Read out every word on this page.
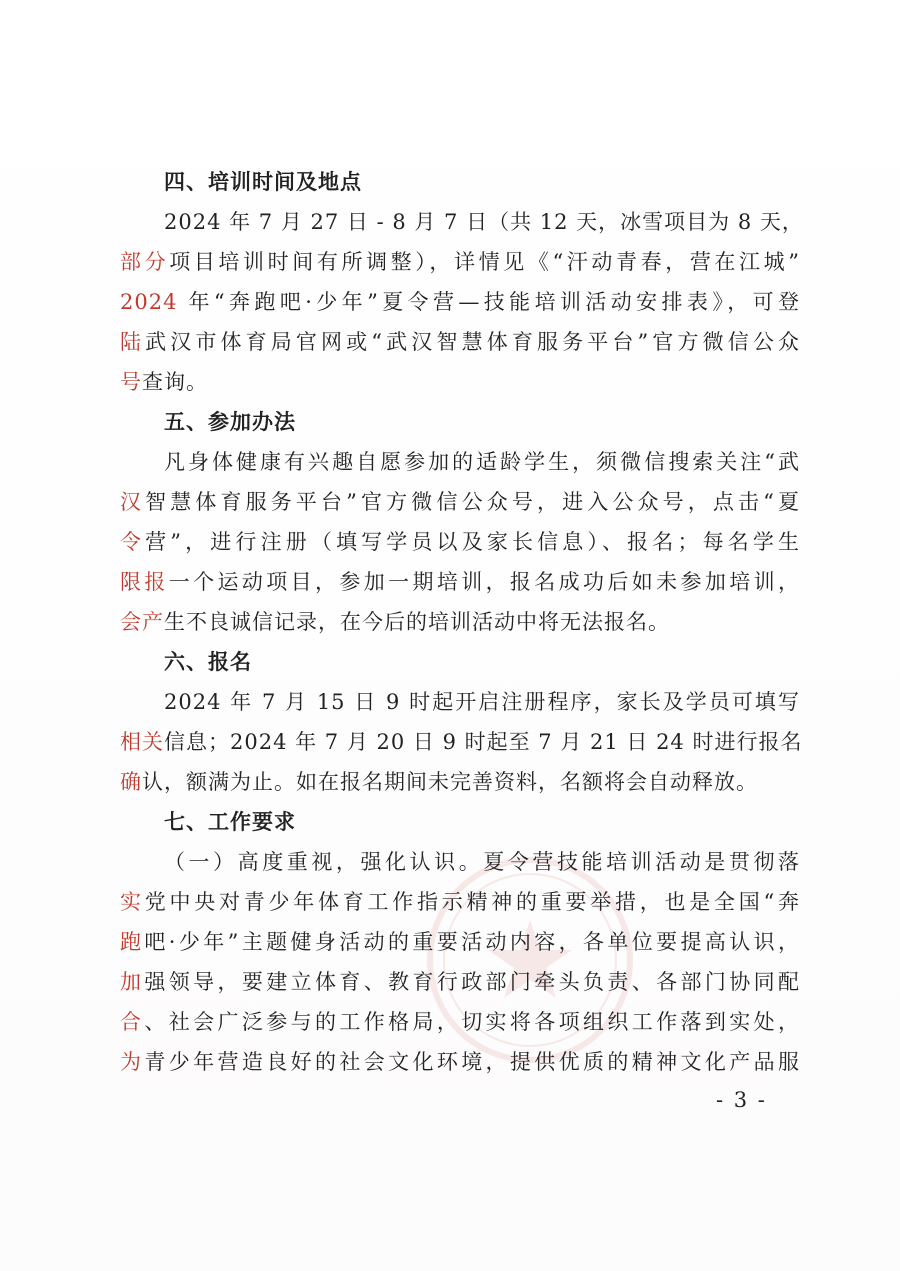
四、培训时间及地点
2024 年 7 月 27 日 - 8 月 7 日（共 12 天，冰雪项目为 8 天，
部分项目培训时间有所调整），详情见《“汗动青春，营在江城”
2024 年“奔跑吧·少年”夏令营—技能培训活动安排表》，可登
陆武汉市体育局官网或“武汉智慧体育服务平台”官方微信公众
号查询。
五、参加办法
凡身体健康有兴趣自愿参加的适龄学生，须微信搜索关注“武
汉智慧体育服务平台”官方微信公众号，进入公众号，点击“夏
令营”，进行注册（填写学员以及家长信息）、报名；每名学生
限报一个运动项目，参加一期培训，报名成功后如未参加培训，
会产生不良诚信记录，在今后的培训活动中将无法报名。
六、报名
2024 年 7 月 15 日 9 时起开启注册程序，家长及学员可填写
相关信息；2024 年 7 月 20 日 9 时起至 7 月 21 日 24 时进行报名
确认，额满为止。如在报名期间未完善资料，名额将会自动释放。
七、工作要求
（一）高度重视，强化认识。夏令营技能培训活动是贯彻落
实党中央对青少年体育工作指示精神的重要举措，也是全国“奔
跑吧·少年”主题健身活动的重要活动内容，各单位要提高认识，
加强领导，要建立体育、教育行政部门牵头负责、各部门协同配
合、社会广泛参与的工作格局，切实将各项组织工作落到实处，
为青少年营造良好的社会文化环境，提供优质的精神文化产品服
- 3 -
